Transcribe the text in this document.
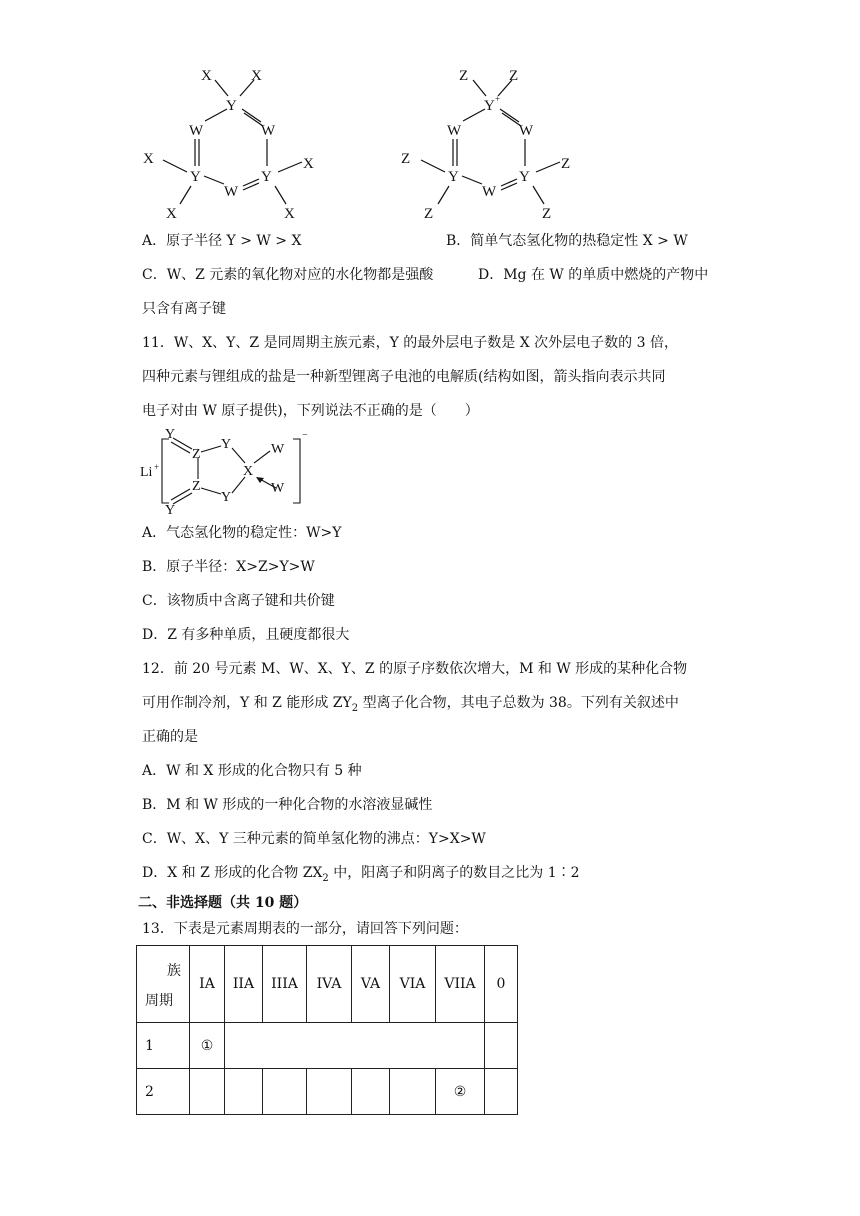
X	X
Y
W	W
X
Y
W
Y
X
X	X
Z	Z
Y +
W	W
Z
Y
W
Y
Z
Z	Z
A．原子半径 Y > W > X	B．简单气态氢化物的热稳定性 X > W
C．W、Z 元素的氧化物对应的水化物都是强酸	D．Mg 在 W 的单质中燃烧的产物中
只含有离子键
11．W、X、Y、Z 是同周期主族元素，Y 的最外层电子数是 X 次外层电子数的 3 倍，
四种元素与锂组成的盐是一种新型锂离子电池的电解质(结构如图，箭头指向表示共同
电子对由 W 原子提供)，下列说法不正确的是（　　）
Li +
Y
Z
Y
X
W
W
Z
Y
Y
−
A．气态氢化物的稳定性：W>Y
B．原子半径：X>Z>Y>W
C．该物质中含离子键和共价键
D．Z 有多种单质，且硬度都很大
12．前 20 号元素 M、W、X、Y、Z 的原子序数依次增大，M 和 W 形成的某种化合物
可用作制冷剂，Y 和 Z 能形成 $ZY_2$ 型离子化合物，其电子总数为 38。下列有关叙述中
正确的是
A．W 和 X 形成的化合物只有 5 种
B．M 和 W 形成的一种化合物的水溶液显碱性
C．W、X、Y 三种元素的简单氢化物的沸点：Y>X>W
D．X 和 Z 形成的化合物 $ZX_2$ 中，阳离子和阴离子的数目之比为 1∶2
二、非选择题（共 10 题）
13．下表是元素周期表的一部分，请回答下列问题：
族
周期	IA	IIA	IIIA	IVA	VA	VIA	VIIA	0
1	①							
2							②	
